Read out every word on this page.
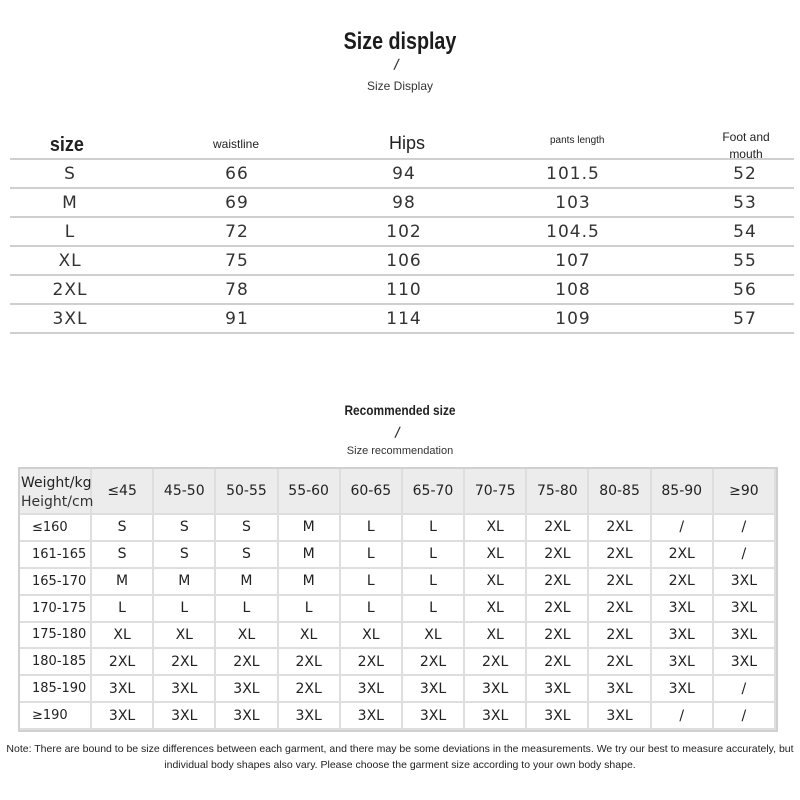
Size display
/
Size Display
size	waistline	Hips	pants length	Foot and mouth
S	66	94	101.5	52
M	69	98	103	53
L	72	102	104.5	54
XL	75	106	107	55
2XL	78	110	108	56
3XL	91	114	109	57
Recommended size
/
Size recommendation
Weight/kg
Height/cm
≤45	45-50	50-55	55-60	60-65	65-70	70-75	75-80	80-85	85-90	≥90
≤160	S	S	S	M	L	L	XL	2XL	2XL	/	/
161-165	S	S	S	M	L	L	XL	2XL	2XL	2XL	/
165-170	M	M	M	M	L	L	XL	2XL	2XL	2XL	3XL
170-175	L	L	L	L	L	L	XL	2XL	2XL	3XL	3XL
175-180	XL	XL	XL	XL	XL	XL	XL	2XL	2XL	3XL	3XL
180-185	2XL	2XL	2XL	2XL	2XL	2XL	2XL	2XL	2XL	3XL	3XL
185-190	3XL	3XL	3XL	2XL	3XL	3XL	3XL	3XL	3XL	3XL	/
≥190	3XL	3XL	3XL	3XL	3XL	3XL	3XL	3XL	3XL	/	/
Note: There are bound to be size differences between each garment, and there may be some deviations in the measurements. We try our best to measure accurately, but individual body shapes also vary. Please choose the garment size according to your own body shape.
